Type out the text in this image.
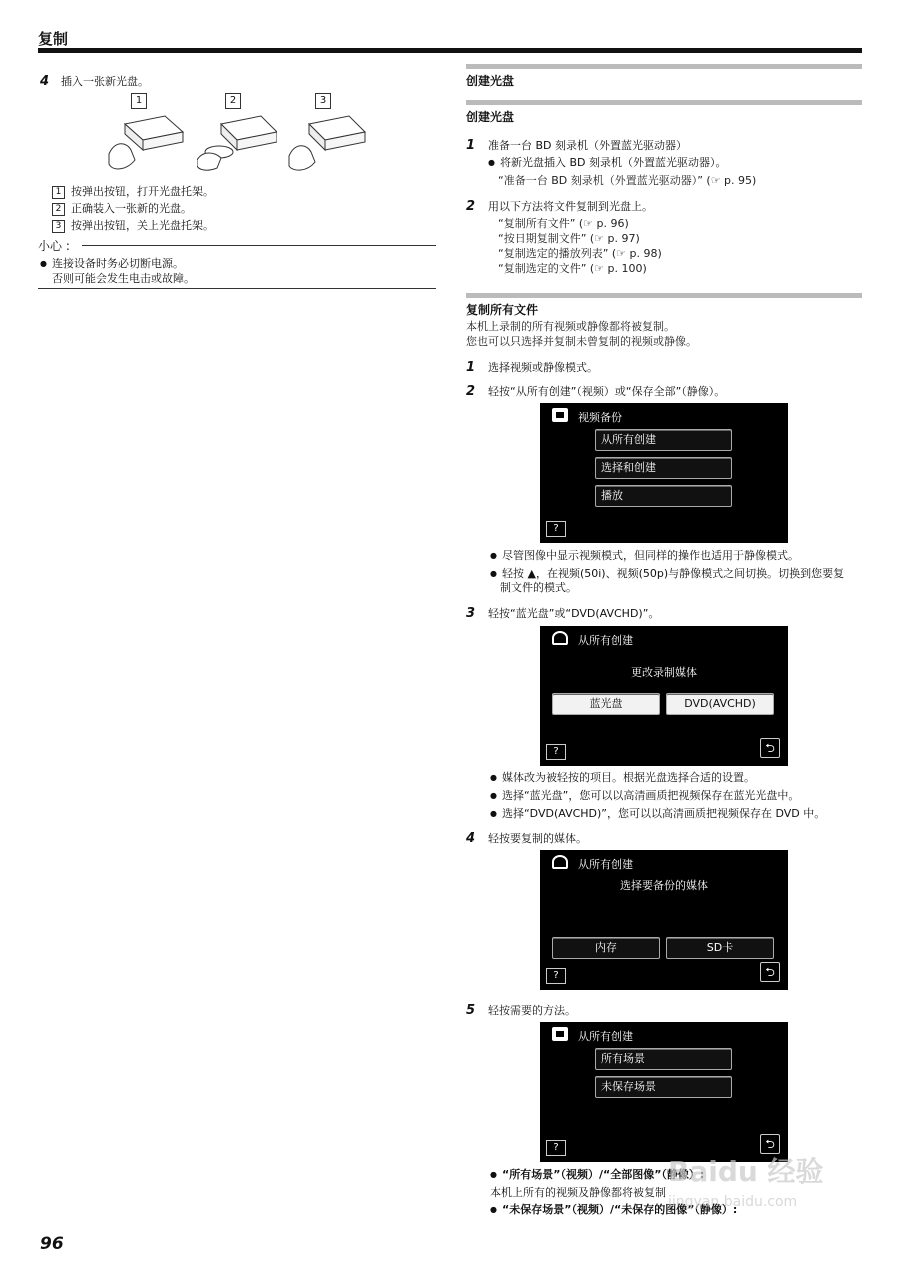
复制
4 插入一张新光盘。
1	2	3
1 按弹出按钮，打开光盘托架。
2 正确装入一张新的光盘。
3 按弹出按钮，关上光盘托架。
小心 :
● 连接设备时务必切断电源。
否则可能会发生电击或故障。
创建光盘
创建光盘
1 准备一台 BD 刻录机（外置蓝光驱动器）
● 将新光盘插入 BD 刻录机（外置蓝光驱动器）。
“准备一台 BD 刻录机（外置蓝光驱动器）” (☞ p. 95)
2 用以下方法将文件复制到光盘上。
“复制所有文件” (☞ p. 96)
“按日期复制文件” (☞ p. 97)
“复制选定的播放列表” (☞ p. 98)
“复制选定的文件” (☞ p. 100)
复制所有文件
本机上录制的所有视频或静像都将被复制。
您也可以只选择并复制未曾复制的视频或静像。
1 选择视频或静像模式。
2 轻按“从所有创建”（视频）或“保存全部”（静像）。
视频备份
从所有创建
选择和创建
播放
?
● 尽管图像中显示视频模式，但同样的操作也适用于静像模式。
● 轻按 ▲，在视频(50i)、视频(50p)与静像模式之间切换。切换到您要复
制文件的模式。
3 轻按“蓝光盘”或“DVD(AVCHD)”。
从所有创建
更改录制媒体
蓝光盘	DVD(AVCHD)
?	⮌
● 媒体改为被轻按的项目。根据光盘选择合适的设置。
● 选择“蓝光盘”，您可以以高清画质把视频保存在蓝光光盘中。
● 选择“DVD(AVCHD)”，您可以以高清画质把视频保存在 DVD 中。
4 轻按要复制的媒体。
从所有创建
选择要备份的媒体
内存	SD卡
?	⮌
5 轻按需要的方法。
从所有创建
所有场景
未保存场景
?	⮌
● “所有场景”（视频）/“全部图像”（静像）:
本机上所有的视频及静像都将被复制
● “未保存场景”（视频）/“未保存的图像”（静像）:
96
Baidu 经验
jingyan.baidu.com
